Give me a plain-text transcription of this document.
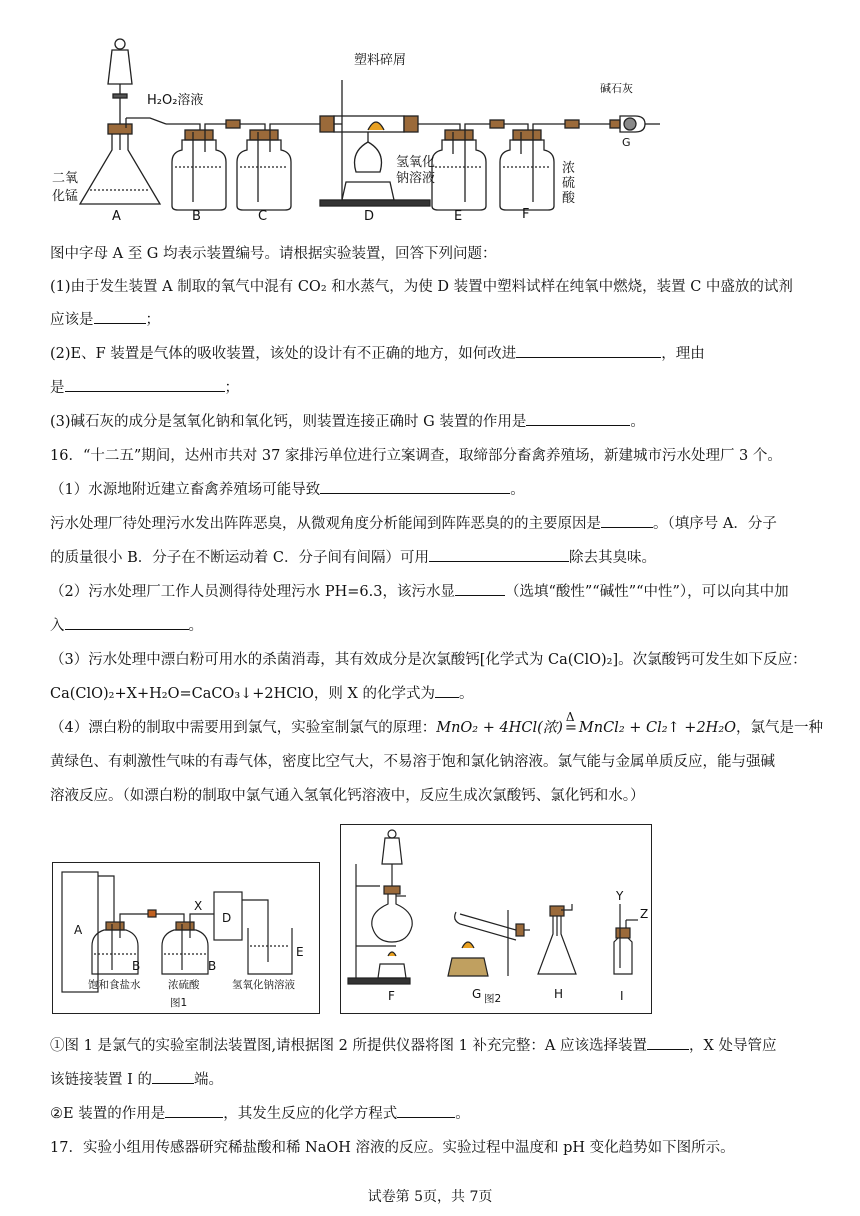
H₂O₂溶液
塑料碎屑
碱石灰
二氧
化锰
氢氧化
钠溶液
浓
硫
酸
A	B	C	D	E	F
G
图中字母 A 至 G 均表示装置编号。请根据实验装置，回答下列问题：
(1)由于发生装置 A 制取的氧气中混有 CO₂ 和水蒸气，为使 D 装置中塑料试样在纯氧中燃烧，装置 C 中盛放的试剂
应该是	；
(2)E、F 装置是气体的吸收装置，该处的设计有不正确的地方，如何改进	，理由
是	；
(3)碱石灰的成分是氢氧化钠和氧化钙，则装置连接正确时 G 装置的作用是	。
16．“十二五”期间，达州市共对 37 家排污单位进行立案调查，取缔部分畜禽养殖场，新建城市污水处理厂 3 个。
（1）水源地附近建立畜禽养殖场可能导致	。
污水处理厂待处理污水发出阵阵恶臭，从微观角度分析能闻到阵阵恶臭的的主要原因是	。（填序号 A．分子
的质量很小 B．分子在不断运动着 C．分子间有间隔）可用	除去其臭味。
（2）污水处理厂工作人员测得待处理污水 PH=6.3，该污水显	（选填“酸性”“碱性”“中性”），可以向其中加
入	。
（3）污水处理中漂白粉可用水的杀菌消毒，其有效成分是次氯酸钙[化学式为 Ca(ClO)₂]。次氯酸钙可发生如下反应：
Ca(ClO)₂+X+H₂O=CaCO₃↓+2HClO，则 X 的化学式为 。
（4）漂白粉的制取中需要用到氯气，实验室制氯气的原理：MnO₂ + 4HCl(浓)
Δ
= MnCl₂ + Cl₂↑ +2H₂O，氯气是一种
黄绿色、有刺激性气味的有毒气体，密度比空气大，不易溶于饱和氯化钠溶液。氯气能与金属单质反应，能与强碱
溶液反应。（如漂白粉的制取中氯气通入氢氧化钙溶液中，反应生成次氯酸钙、氯化钙和水。）
A
B	B
X
D
E
饱和食盐水	浓硫酸	氢氧化钠溶液
图1	F	G	H	I
Y
Z
图2
①图 1 是氯气的实验室制法装置图,请根据图 2 所提供仪器将图 1 补充完整：A 应该选择装置	，X 处导管应
该链接装置 I 的	端。
②E 装置的作用是	，其发生反应的化学方程式	。
17．实验小组用传感器研究稀盐酸和稀 NaOH 溶液的反应。实验过程中温度和 pH 变化趋势如下图所示。
试卷第 5页，共 7页
